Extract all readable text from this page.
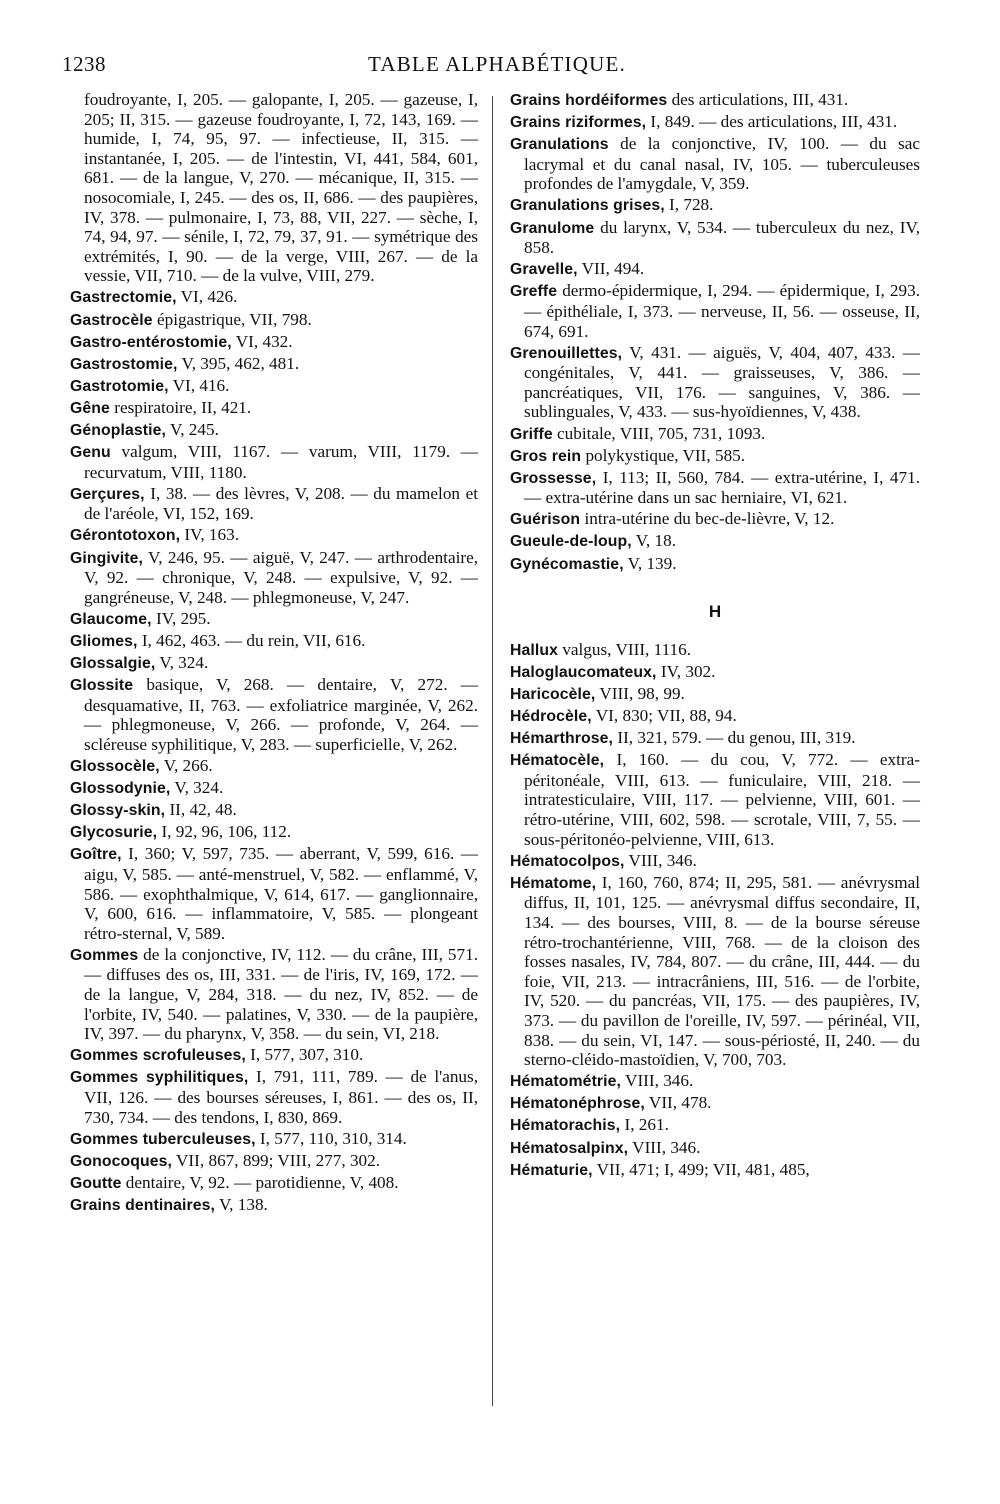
1238	TABLE ALPHABÉTIQUE.

foudroyante, I, 205. — galopante, I, 205. — gazeuse, I, 205; II, 315. — gazeuse foudroyante, I, 72, 143, 169. — humide, I, 74, 95, 97. — infectieuse, II, 315. — instantanée, I, 205. — de l'intestin, VI, 441, 584, 601, 681. — de la langue, V, 270. — mécanique, II, 315. — nosocomiale, I, 245. — des os, II, 686. — des paupières, IV, 378. — pulmonaire, I, 73, 88, VII, 227. — sèche, I, 74, 94, 97. — sénile, I, 72, 79, 37, 91. — symétrique des extrémités, I, 90. — de la verge, VIII, 267. — de la vessie, VII, 710. — de la vulve, VIII, 279.

Gastrectomie, VI, 426.

Gastrocèle épigastrique, VII, 798.

Gastro-entérostomie, VI, 432.

Gastrostomie, V, 395, 462, 481.

Gastrotomie, VI, 416.

Gêne respiratoire, II, 421.

Génoplastie, V, 245.

Genu valgum, VIII, 1167. — varum, VIII, 1179. — recurvatum, VIII, 1180.

Gerçures, I, 38. — des lèvres, V, 208. — du mamelon et de l'aréole, VI, 152, 169.

Gérontotoxon, IV, 163.

Gingivite, V, 246, 95. — aiguë, V, 247. — arthrodentaire, V, 92. — chronique, V, 248. — expulsive, V, 92. — gangréneuse, V, 248. — phlegmoneuse, V, 247.

Glaucome, IV, 295.

Gliomes, I, 462, 463. — du rein, VII, 616.

Glossalgie, V, 324.

Glossite basique, V, 268. — dentaire, V, 272. — desquamative, II, 763. — exfoliatrice marginée, V, 262. — phlegmoneuse, V, 266. — profonde, V, 264. — scléreuse syphilitique, V, 283. — superficielle, V, 262.

Glossocèle, V, 266.

Glossodynie, V, 324.

Glossy-skin, II, 42, 48.

Glycosurie, I, 92, 96, 106, 112.

Goître, I, 360; V, 597, 735. — aberrant, V, 599, 616. — aigu, V, 585. — anté-menstruel, V, 582. — enflammé, V, 586. — exophthalmique, V, 614, 617. — ganglionnaire, V, 600, 616. — inflammatoire, V, 585. — plongeant rétro-sternal, V, 589.

Gommes de la conjonctive, IV, 112. — du crâne, III, 571. — diffuses des os, III, 331. — de l'iris, IV, 169, 172. — de la langue, V, 284, 318. — du nez, IV, 852. — de l'orbite, IV, 540. — palatines, V, 330. — de la paupière, IV, 397. — du pharynx, V, 358. — du sein, VI, 218.

Gommes scrofuleuses, I, 577, 307, 310.

Gommes syphilitiques, I, 791, 111, 789. — de l'anus, VII, 126. — des bourses séreuses, I, 861. — des os, II, 730, 734. — des tendons, I, 830, 869.

Gommes tuberculeuses, I, 577, 110, 310, 314.

Gonocoques, VII, 867, 899; VIII, 277, 302.

Goutte dentaire, V, 92. — parotidienne, V, 408.

Grains dentinaires, V, 138.

Grains hordéiformes des articulations, III, 431.

Grains riziformes, I, 849. — des articulations, III, 431.

Granulations de la conjonctive, IV, 100. — du sac lacrymal et du canal nasal, IV, 105. — tuberculeuses profondes de l'amygdale, V, 359.

Granulations grises, I, 728.

Granulome du larynx, V, 534. — tuberculeux du nez, IV, 858.

Gravelle, VII, 494.

Greffe dermo-épidermique, I, 294. — épidermique, I, 293. — épithéliale, I, 373. — nerveuse, II, 56. — osseuse, II, 674, 691.

Grenouillettes, V, 431. — aiguës, V, 404, 407, 433. — congénitales, V, 441. — graisseuses, V, 386. — pancréatiques, VII, 176. — sanguines, V, 386. — sublinguales, V, 433. — sus-hyoïdiennes, V, 438.

Griffe cubitale, VIII, 705, 731, 1093.

Gros rein polykystique, VII, 585.

Grossesse, I, 113; II, 560, 784. — extra-utérine, I, 471. — extra-utérine dans un sac herniaire, VI, 621.

Guérison intra-utérine du bec-de-lièvre, V, 12.

Gueule-de-loup, V, 18.

Gynécomastie, V, 139.

H

Hallux valgus, VIII, 1116.

Haloglaucomateux, IV, 302.

Haricocèle, VIII, 98, 99.

Hédrocèle, VI, 830; VII, 88, 94.

Hémarthrose, II, 321, 579. — du genou, III, 319.

Hématocèle, I, 160. — du cou, V, 772. — extra-péritonéale, VIII, 613. — funiculaire, VIII, 218. — intratesticulaire, VIII, 117. — pelvienne, VIII, 601. — rétro-utérine, VIII, 602, 598. — scrotale, VIII, 7, 55. — sous-péritonéo-pelvienne, VIII, 613.

Hématocolpos, VIII, 346.

Hématome, I, 160, 760, 874; II, 295, 581. — anévrysmal diffus, II, 101, 125. — anévrysmal diffus secondaire, II, 134. — des bourses, VIII, 8. — de la bourse séreuse rétro-trochantérienne, VIII, 768. — de la cloison des fosses nasales, IV, 784, 807. — du crâne, III, 444. — du foie, VII, 213. — intracrâniens, III, 516. — de l'orbite, IV, 520. — du pancréas, VII, 175. — des paupières, IV, 373. — du pavillon de l'oreille, IV, 597. — périnéal, VII, 838. — du sein, VI, 147. — sous-périosté, II, 240. — du sterno-cléido-mastoïdien, V, 700, 703.

Hématométrie, VIII, 346.

Hématonéphrose, VII, 478.

Hématorachis, I, 261.

Hématosalpinx, VIII, 346.

Hématurie, VII, 471; I, 499; VII, 481, 485,
